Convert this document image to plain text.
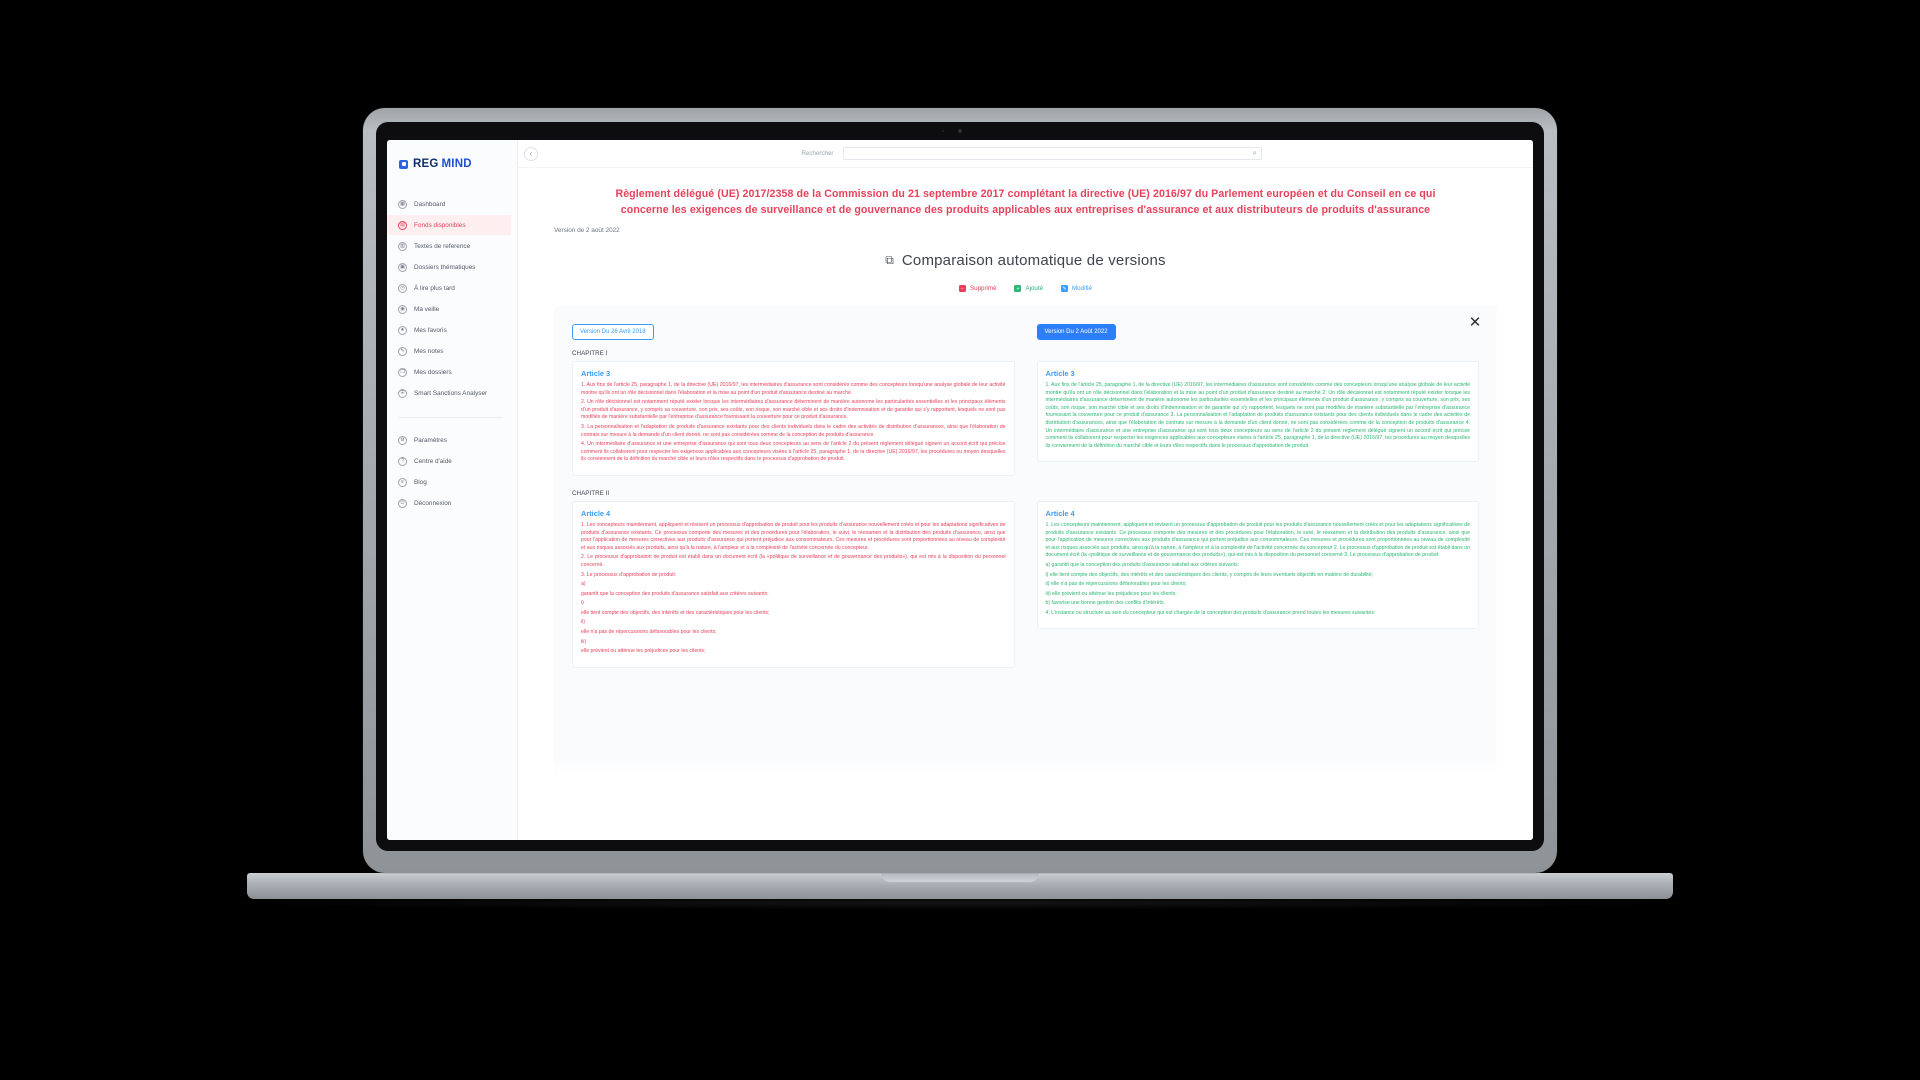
REG MIND
▦	Dashboard
▤	Fonds disponibles
▥	Textes de reference
▣	Dossiers thématiques
◷	À lire plus tard
◉	Ma veille
★	Mes favoris
✎	Mes notes
❐	Mes dossiers
⛨	Smart Sanctions Analyser
⚙	Paramètres
?	Centre d'aide
≡	Blog
⏻	Déconnexion
‹	Rechercher	⌕
Règlement délégué (UE) 2017/2358 de la Commission du 21 septembre 2017 complétant la directive (UE) 2016/97 du Parlement européen et du Conseil en ce qui concerne les exigences de surveillance et de gouvernance des produits applicables aux entreprises d'assurance et aux distributeurs de produits d'assurance
Version de 2 août 2022
⧉ Comparaison automatique de versions
− Supprimé	+ Ajouté	✎ Modifié
✕
Version Du 26 Avril 2018	Version Du 2 Août 2022
CHAPITRE I
Article 3

1. Aux fins de l'article 25, paragraphe 1, de la directive (UE) 2016/97, les intermédiaires d'assurance sont considérés comme des concepteurs lorsqu'une analyse globale de leur activité montre qu'ils ont un rôle décisionnel dans l'élaboration et la mise au point d'un produit d'assurance destiné au marché.

2. Un rôle décisionnel est notamment réputé exister lorsque les intermédiaires d'assurance déterminent de manière autonome les particularités essentielles et les principaux éléments d'un produit d'assurance, y compris sa couverture, son prix, ses coûts, son risque, son marché cible et ses droits d'indemnisation et de garantie qui s'y rapportent, lesquels ne sont pas modifiés de manière substantielle par l'entreprise d'assurance fournissant la couverture pour ce produit d'assurance.

3. La personnalisation et l'adaptation de produits d'assurance existants pour des clients individuels dans le cadre des activités de distribution d'assurances, ainsi que l'élaboration de contrats sur mesure à la demande d'un client donné, ne sont pas considérées comme de la conception de produits d'assurance.

4. Un intermédiaire d'assurance et une entreprise d'assurance qui sont tous deux concepteurs au sens de l'article 2 du présent règlement délégué signent un accord écrit qui précise comment ils collaborent pour respecter les exigences applicables aux concepteurs visées à l'article 25, paragraphe 1, de la directive (UE) 2016/97, les procédures ou moyen desquelles ils conviennent de la définition du marché cible et leurs rôles respectifs dans le processus d'approbation de produit.

Article 3

1. Aux fins de l'article 25, paragraphe 1, de la directive (UE) 2016/97, les intermédiaires d'assurance sont considérés comme des concepteurs lorsqu'une analyse globale de leur activité montre qu'ils ont un rôle décisionnel dans l'élaboration et la mise au point d'un produit d'assurance destiné au marché 2. Un rôle décisionnel est notamment réputé exister lorsque les intermédiaires d'assurance déterminent de manière autonome les particularités essentielles et les principaux éléments d'un produit d'assurance, y compris sa couverture, son prix, ses coûts, son risque, son marché cible et ses droits d'indemnisation et de garantie qui s'y rapportent, lesquels ne sont pas modifiés de manière substantielle par l'entreprise d'assurance fournissant la couverture pour ce produit d'assurance 3. La personnalisation et l'adaptation de produits d'assurance existants pour des clients individuels dans le cadre des activités de distribution d'assurances, ainsi que l'élaboration de contrats sur mesure à la demande d'un client donné, ne sont pas considérées comme de la conception de produits d'assurance 4. Un intermédiaire d'assurance et une entreprise d'assurance qui sont tous deux concepteurs au sens de l'article 2 du présent règlement délégué signent un accord écrit qui précise comment ils collaborent pour respecter les exigences applicables aux concepteurs visées à l'article 25, paragraphe 1, de la directive (UE) 2016/97, les procédures au moyen desquelles ils conviennent de la définition du marché cible et leurs rôles respectifs dans le processus d'approbation de produit.

CHAPITRE II
Article 4

1. Les concepteurs maintiennent, appliquent et révisent un processus d'approbation de produit pour les produits d'assurance nouvellement créés et pour les adaptations significatives de produits d'assurance existants. Ce processus comporte des mesures et des procédures pour l'élaboration, le suivi, le réexamen et la distribution des produits d'assurance, ainsi que pour l'application de mesures correctives aux produits d'assurance qui portent préjudice aux consommateurs. Ces mesures et procédures sont proportionnées au niveau de complexité et aux risques associés aux produits, ainsi qu'à la nature, à l'ampleur et à la complexité de l'activité concernée du concepteur.

2. Le processus d'approbation de produit est établi dans un document écrit (la «politique de surveillance et de gouvernance des produits»), qui est mis à la disposition du personnel concerné.

3. Le processus d'approbation de produit:

a)

garantit que la conception des produits d'assurance satisfait aux critères suivants:

i)

elle tient compte des objectifs, des intérêts et des caractéristiques pour les clients;

ii)

elle n'a pas de répercussions défavorables pour les clients;

iii)

elle prévient ou atténue les préjudices pour les clients;

Article 4

1. Les concepteurs maintiennent, appliquent et révisent un processus d'approbation de produit pour les produits d'assurance nouvellement créés et pour les adaptations significatives de produits d'assurance existants. Ce processus comporte des mesures et des procédures pour l'élaboration, le suivi, le réexamen et la distribution des produits d'assurance, ainsi que pour l'application de mesures correctives aux produits d'assurance qui portent préjudice aux consommateurs. Ces mesures et procédures sont proportionnées au niveau de complexité et aux risques associés aux produits, ainsi qu'à la nature, à l'ampleur et à la complexité de l'activité concernée du concepteur 2. Le processus d'approbation de produit est établi dans un document écrit (la «politique de surveillance et de gouvernance des produits»), qui est mis à la disposition du personnel concerné 3. Le processus d'approbation de produit:

a) garantit que la conception des produits d'assurance satisfait aux critères suivants:

i) elle tient compte des objectifs, des intérêts et des caractéristiques des clients, y compris de leurs éventuels objectifs en matière de durabilité;

ii) elle n'a pas de répercussions défavorables pour les clients;

iii) elle prévient ou atténue les préjudices pour les clients;

b) favorise une bonne gestion des conflits d'intérêts.

4. L'instance ou structure au sein du concepteur qui est chargée de la conception des produits d'assurance prend toutes les mesures suivantes:
